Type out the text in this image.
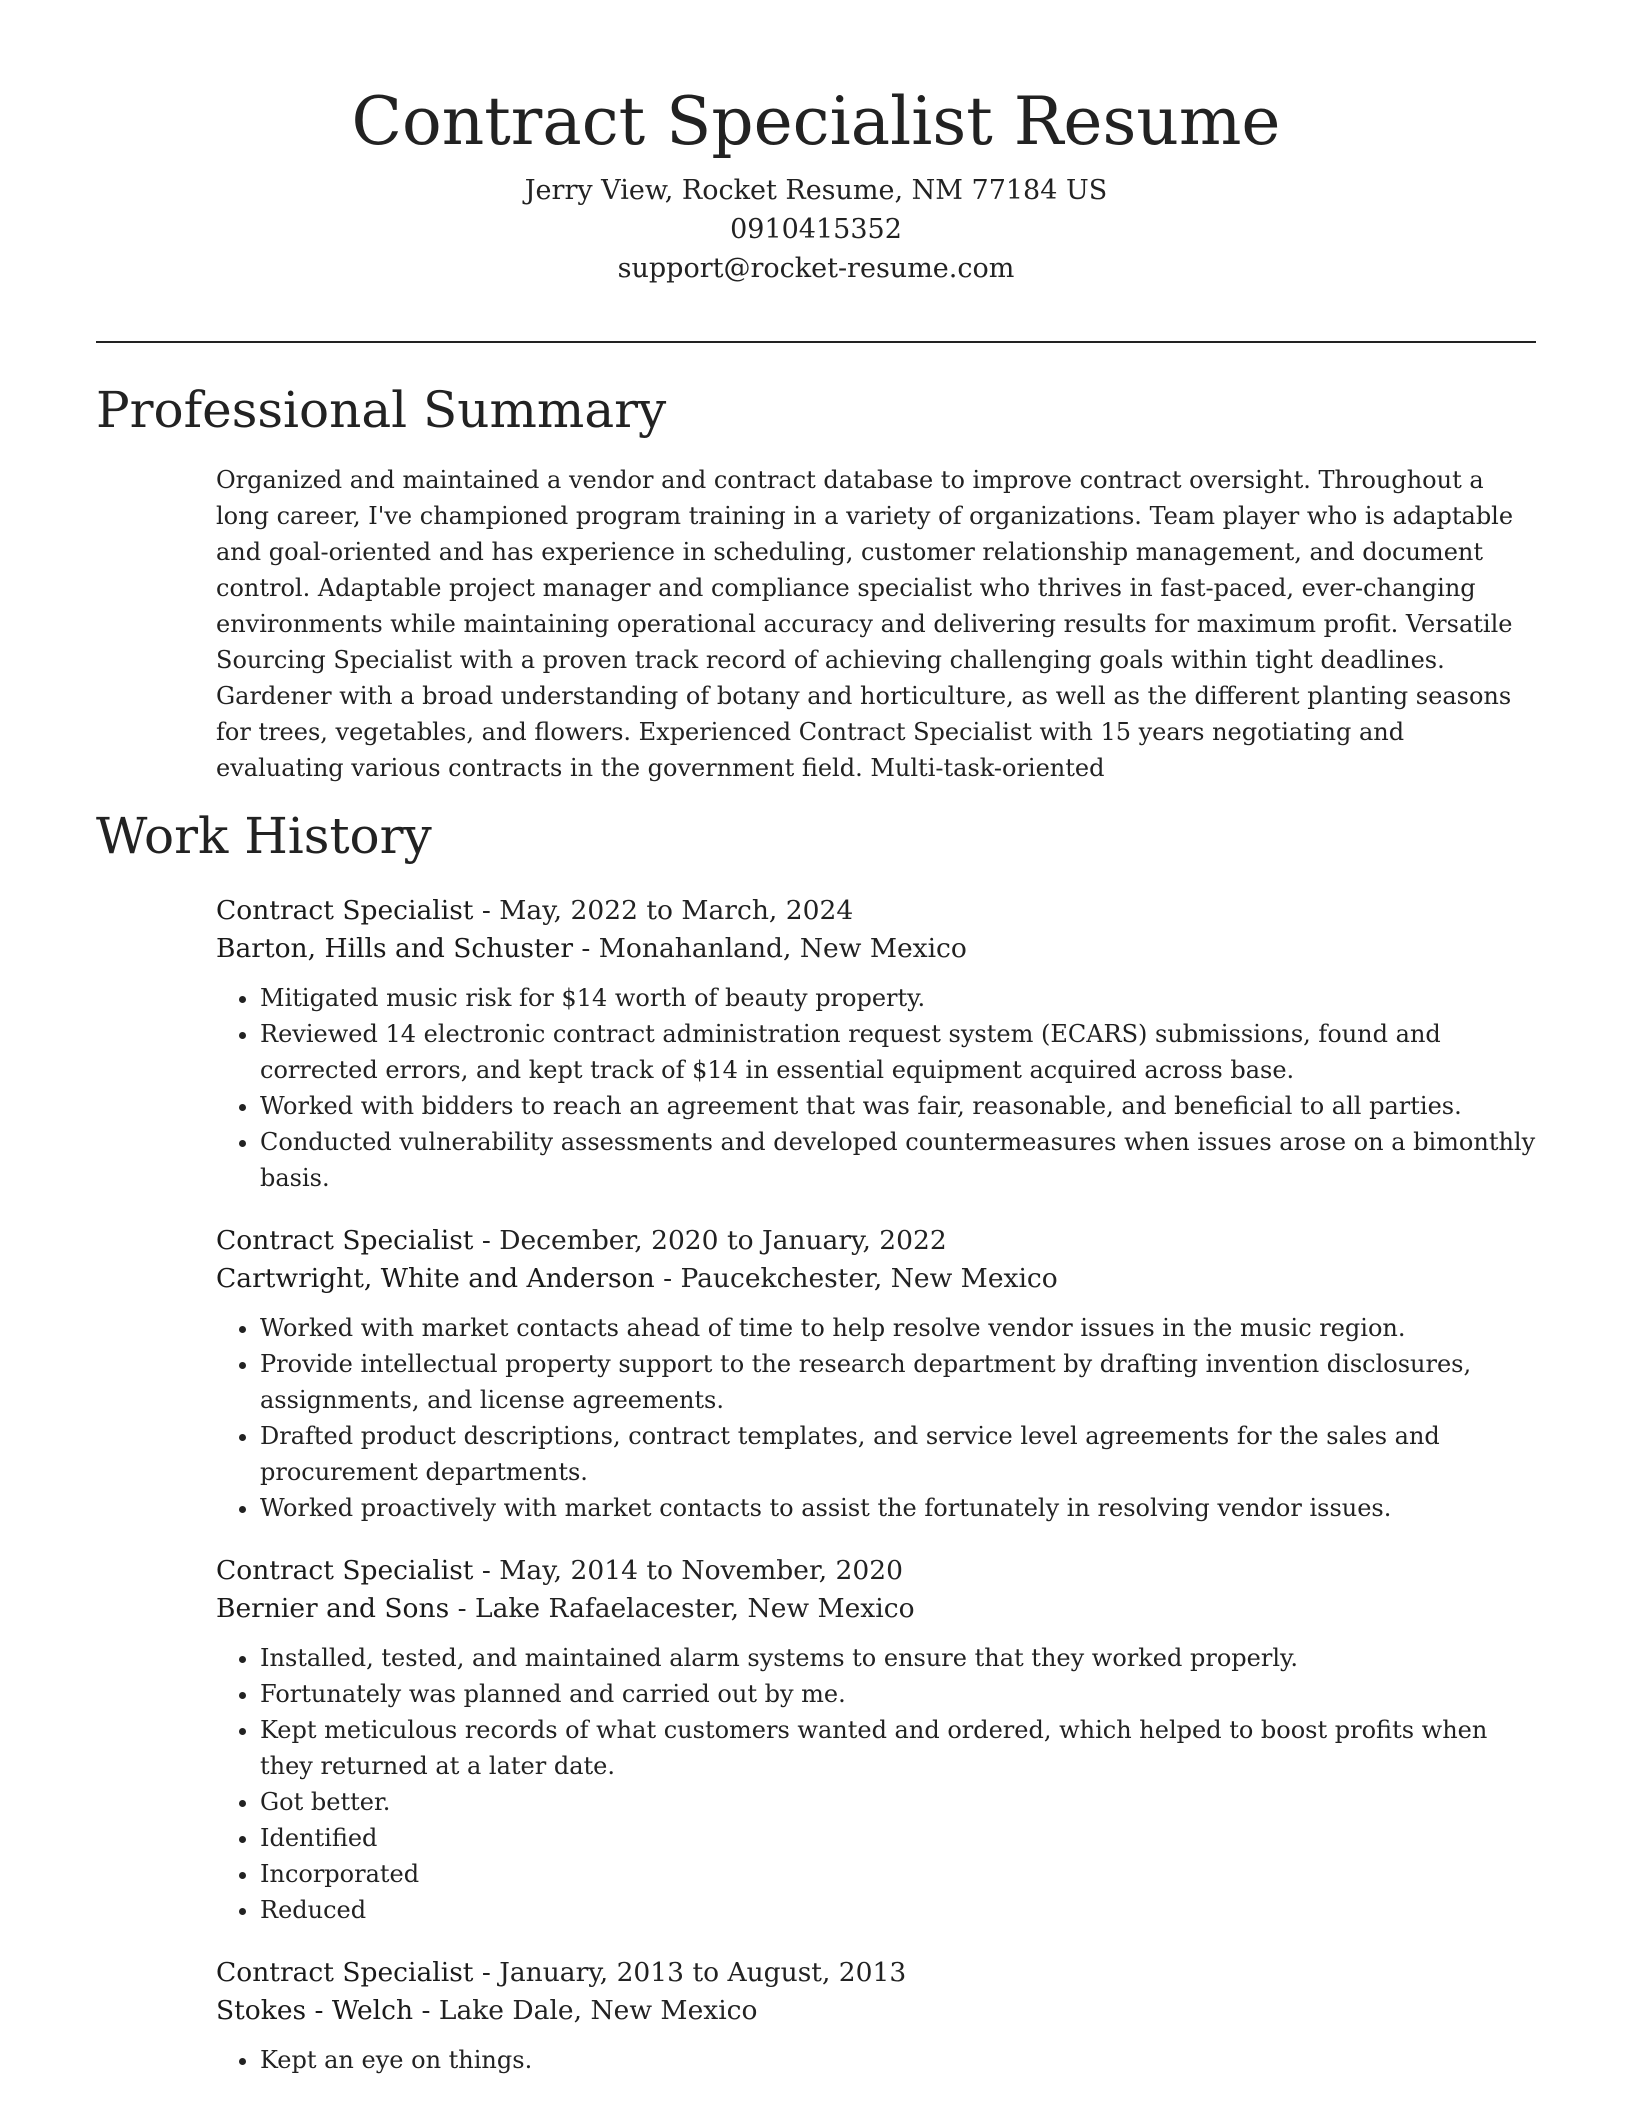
Contract Specialist Resume
Jerry View, Rocket Resume, NM 77184 US
0910415352
support@rocket-resume.com
Professional Summary

Organized and maintained a vendor and contract database to improve contract oversight. Throughout a long career, I've championed program training in a variety of organizations. Team player who is adaptable and goal-oriented and has experience in scheduling, customer relationship management, and document control. Adaptable project manager and compliance specialist who thrives in fast-paced, ever-changing environments while maintaining operational accuracy and delivering results for maximum profit. Versatile Sourcing Specialist with a proven track record of achieving challenging goals within tight deadlines. Gardener with a broad understanding of botany and horticulture, as well as the different planting seasons for trees, vegetables, and flowers. Experienced Contract Specialist with 15 years negotiating and evaluating various contracts in the government field. Multi-task-oriented

Work History
Contract Specialist - May, 2022 to March, 2024
Barton, Hills and Schuster - Monahanland, New Mexico
• Mitigated music risk for $14 worth of beauty property.
• Reviewed 14 electronic contract administration request system (ECARS) submissions, found and corrected errors, and kept track of $14 in essential equipment acquired across base.
• Worked with bidders to reach an agreement that was fair, reasonable, and beneficial to all parties.
• Conducted vulnerability assessments and developed countermeasures when issues arose on a bimonthly basis.
Contract Specialist - December, 2020 to January, 2022
Cartwright, White and Anderson - Paucekchester, New Mexico
• Worked with market contacts ahead of time to help resolve vendor issues in the music region.
• Provide intellectual property support to the research department by drafting invention disclosures, assignments, and license agreements.
• Drafted product descriptions, contract templates, and service level agreements for the sales and procurement departments.
• Worked proactively with market contacts to assist the fortunately in resolving vendor issues.
Contract Specialist - May, 2014 to November, 2020
Bernier and Sons - Lake Rafaelacester, New Mexico
• Installed, tested, and maintained alarm systems to ensure that they worked properly.
• Fortunately was planned and carried out by me.
• Kept meticulous records of what customers wanted and ordered, which helped to boost profits when they returned at a later date.
• Got better.
• Identified
• Incorporated
• Reduced
Contract Specialist - January, 2013 to August, 2013
Stokes - Welch - Lake Dale, New Mexico
• Kept an eye on things.
